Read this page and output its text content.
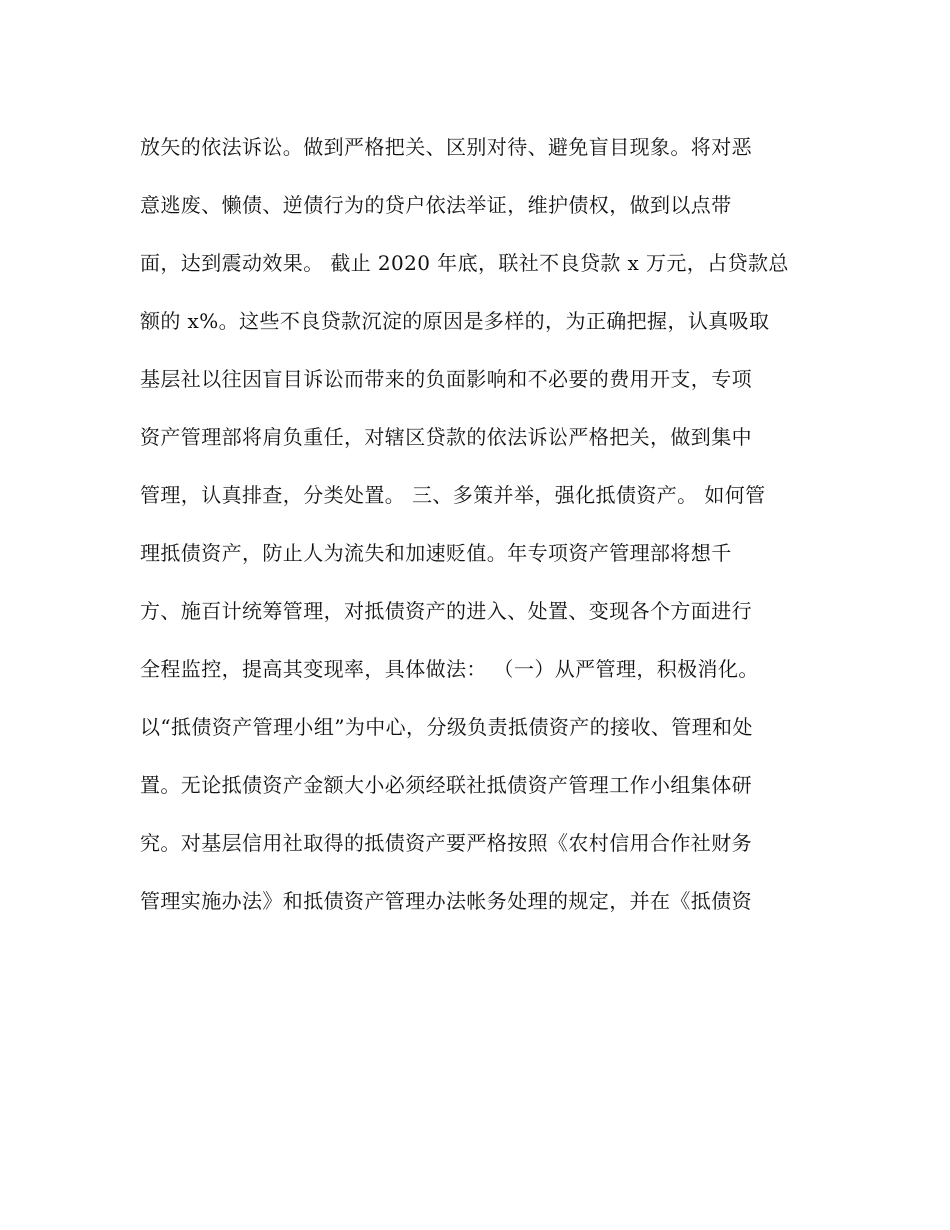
放矢的依法诉讼。做到严格把关、区别对待、避免盲目现象。将对恶
意逃废、懒债、逆债行为的贷户依法举证，维护债权，做到以点带
面，达到震动效果。 截止 2020 年底，联社不良贷款 x 万元，占贷款总
额的 x%。这些不良贷款沉淀的原因是多样的，为正确把握，认真吸取
基层社以往因盲目诉讼而带来的负面影响和不必要的费用开支，专项
资产管理部将肩负重任，对辖区贷款的依法诉讼严格把关，做到集中
管理，认真排查，分类处置。 三、多策并举，强化抵债资产。 如何管
理抵债资产，防止人为流失和加速贬值。年专项资产管理部将想千
方、施百计统筹管理，对抵债资产的进入、处置、变现各个方面进行
全程监控，提高其变现率，具体做法： （一）从严管理，积极消化。
以“抵债资产管理小组”为中心，分级负责抵债资产的接收、管理和处
置。无论抵债资产金额大小必须经联社抵债资产管理工作小组集体研
究。对基层信用社取得的抵债资产要严格按照《农村信用合作社财务
管理实施办法》和抵债资产管理办法帐务处理的规定，并在《抵债资
